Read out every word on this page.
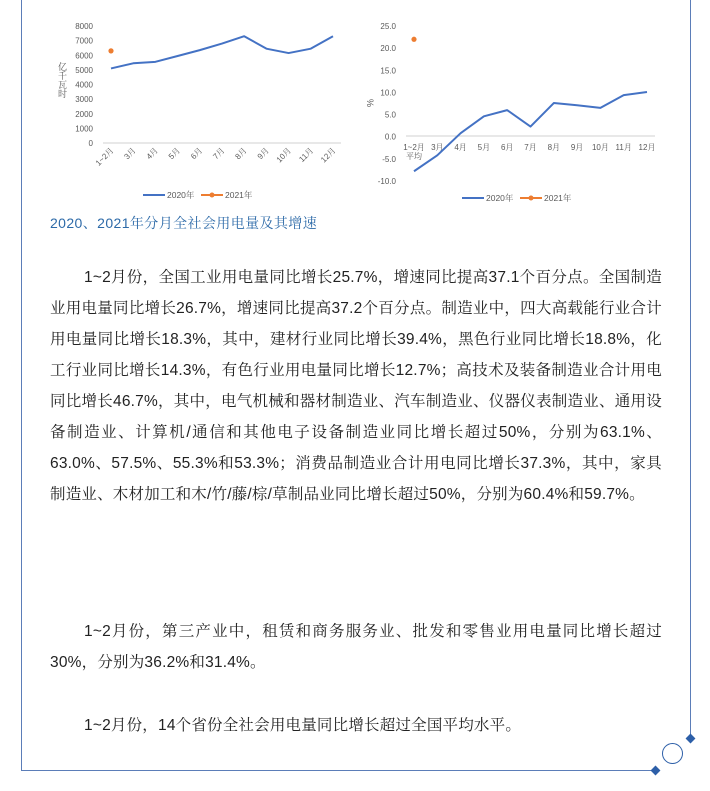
0
1000
2000
3000
4000
5000
6000
7000
8000
亿千瓦时
1~2月 3月 4月 5月 6月 7月 8月 9月 10月 11月 12月
2020年	2021年
-10.0
-5.0
0.0
5.0
10.0
15.0
20.0
25.0
%
1~2月平均
3月 4月 5月 6月 7月 8月 9月 10月 11月 12月
2020年	2021年
2020、2021年分月全社会用电量及其增速
1~2月份，全国工业用电量同比增长25.7%，增速同比提高37.1个百分点。全国制造业用电量同比增长26.7%，增速同比提高37.2个百分点。制造业中，四大高载能行业合计用电量同比增长18.3%，其中，建材行业同比增长39.4%，黑色行业同比增长18.8%，化工行业同比增长14.3%，有色行业用电量同比增长12.7%；高技术及装备制造业合计用电同比增长46.7%，其中，电气机械和器材制造业、汽车制造业、仪器仪表制造业、通用设备制造业、计算机/通信和其他电子设备制造业同比增长超过50%，分别为63.1%、63.0%、57.5%、55.3%和53.3%；消费品制造业合计用电同比增长37.3%，其中，家具制造业、木材加工和木/竹/藤/棕/草制品业同比增长超过50%，分别为60.4%和59.7%。
1~2月份，第三产业中，租赁和商务服务业、批发和零售业用电量同比增长超过30%，分别为36.2%和31.4%。
1~2月份，14个省份全社会用电量同比增长超过全国平均水平。
